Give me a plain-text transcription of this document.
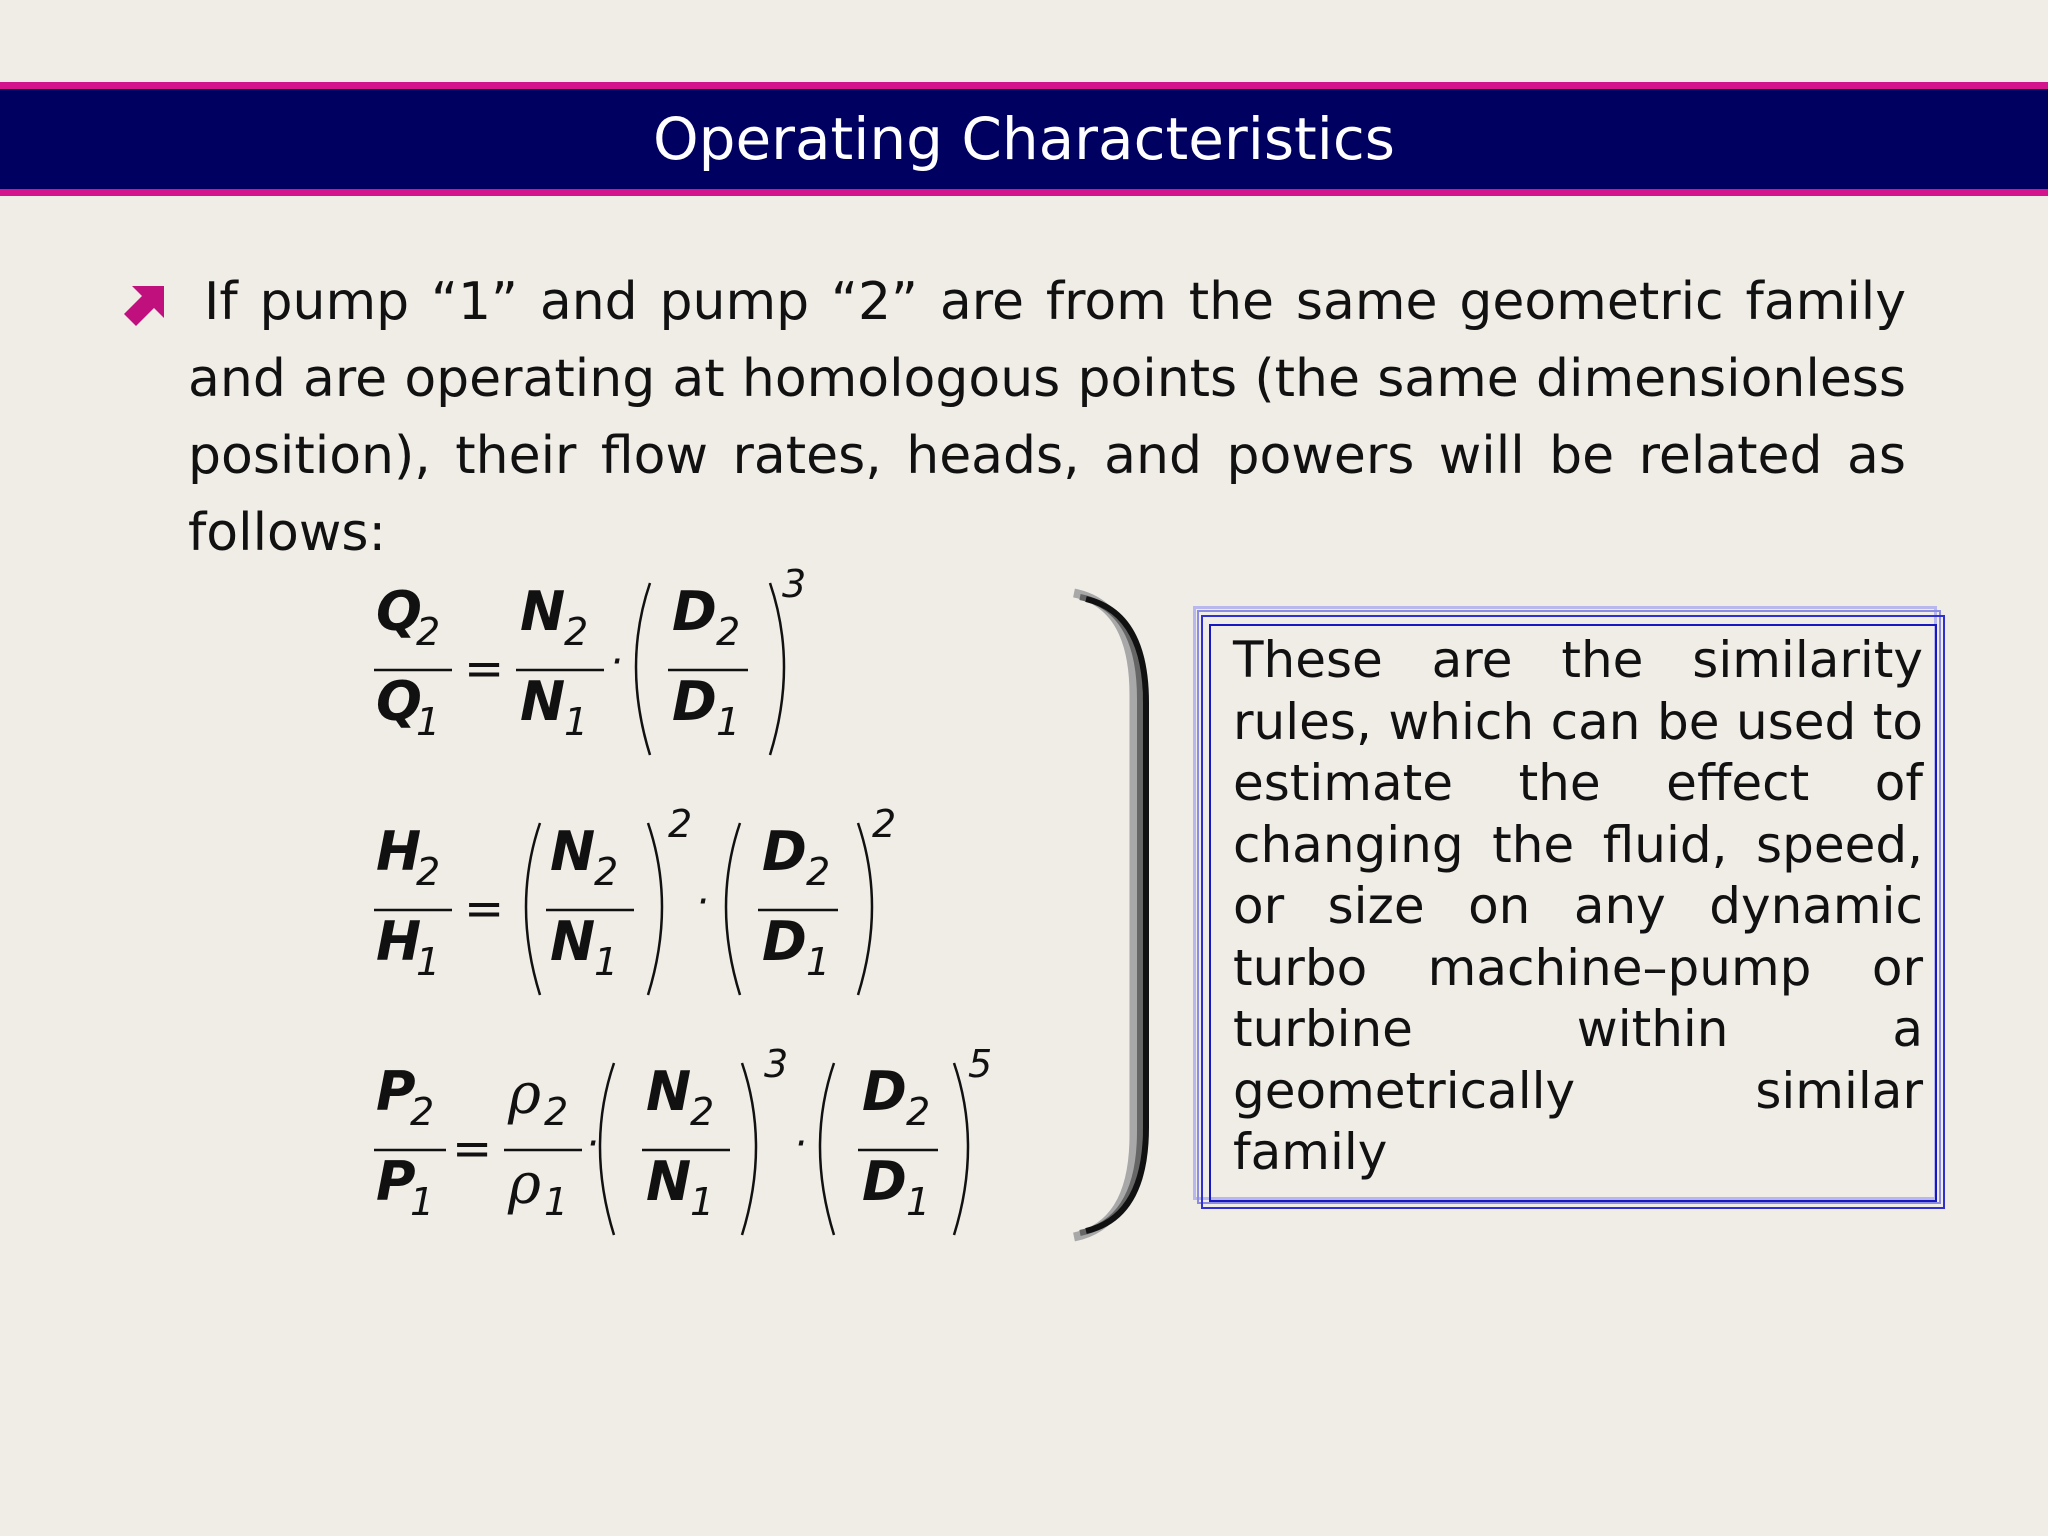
Operating Characteristics
If pump “1” and pump “2” are from the same geometric family and are operating at homologous points (the same dimensionless position), their flow rates, heads, and powers will be related as follows:
Q
2
Q
1
=
N
2
N
1
·
D 2
D 1
3
H
2
H
1
=
N
2
N
1
2
·
D 2
D 1
2
P
2
P
1
=
ρ 2
ρ 1
·
N
2
N
1
3
·
D 2
D 1
5
These are the similarity rules, which can be used to estimate the effect of changing the fluid, speed, or size on any dynamic turbo machine–pump or turbine within a geometrically similar family
